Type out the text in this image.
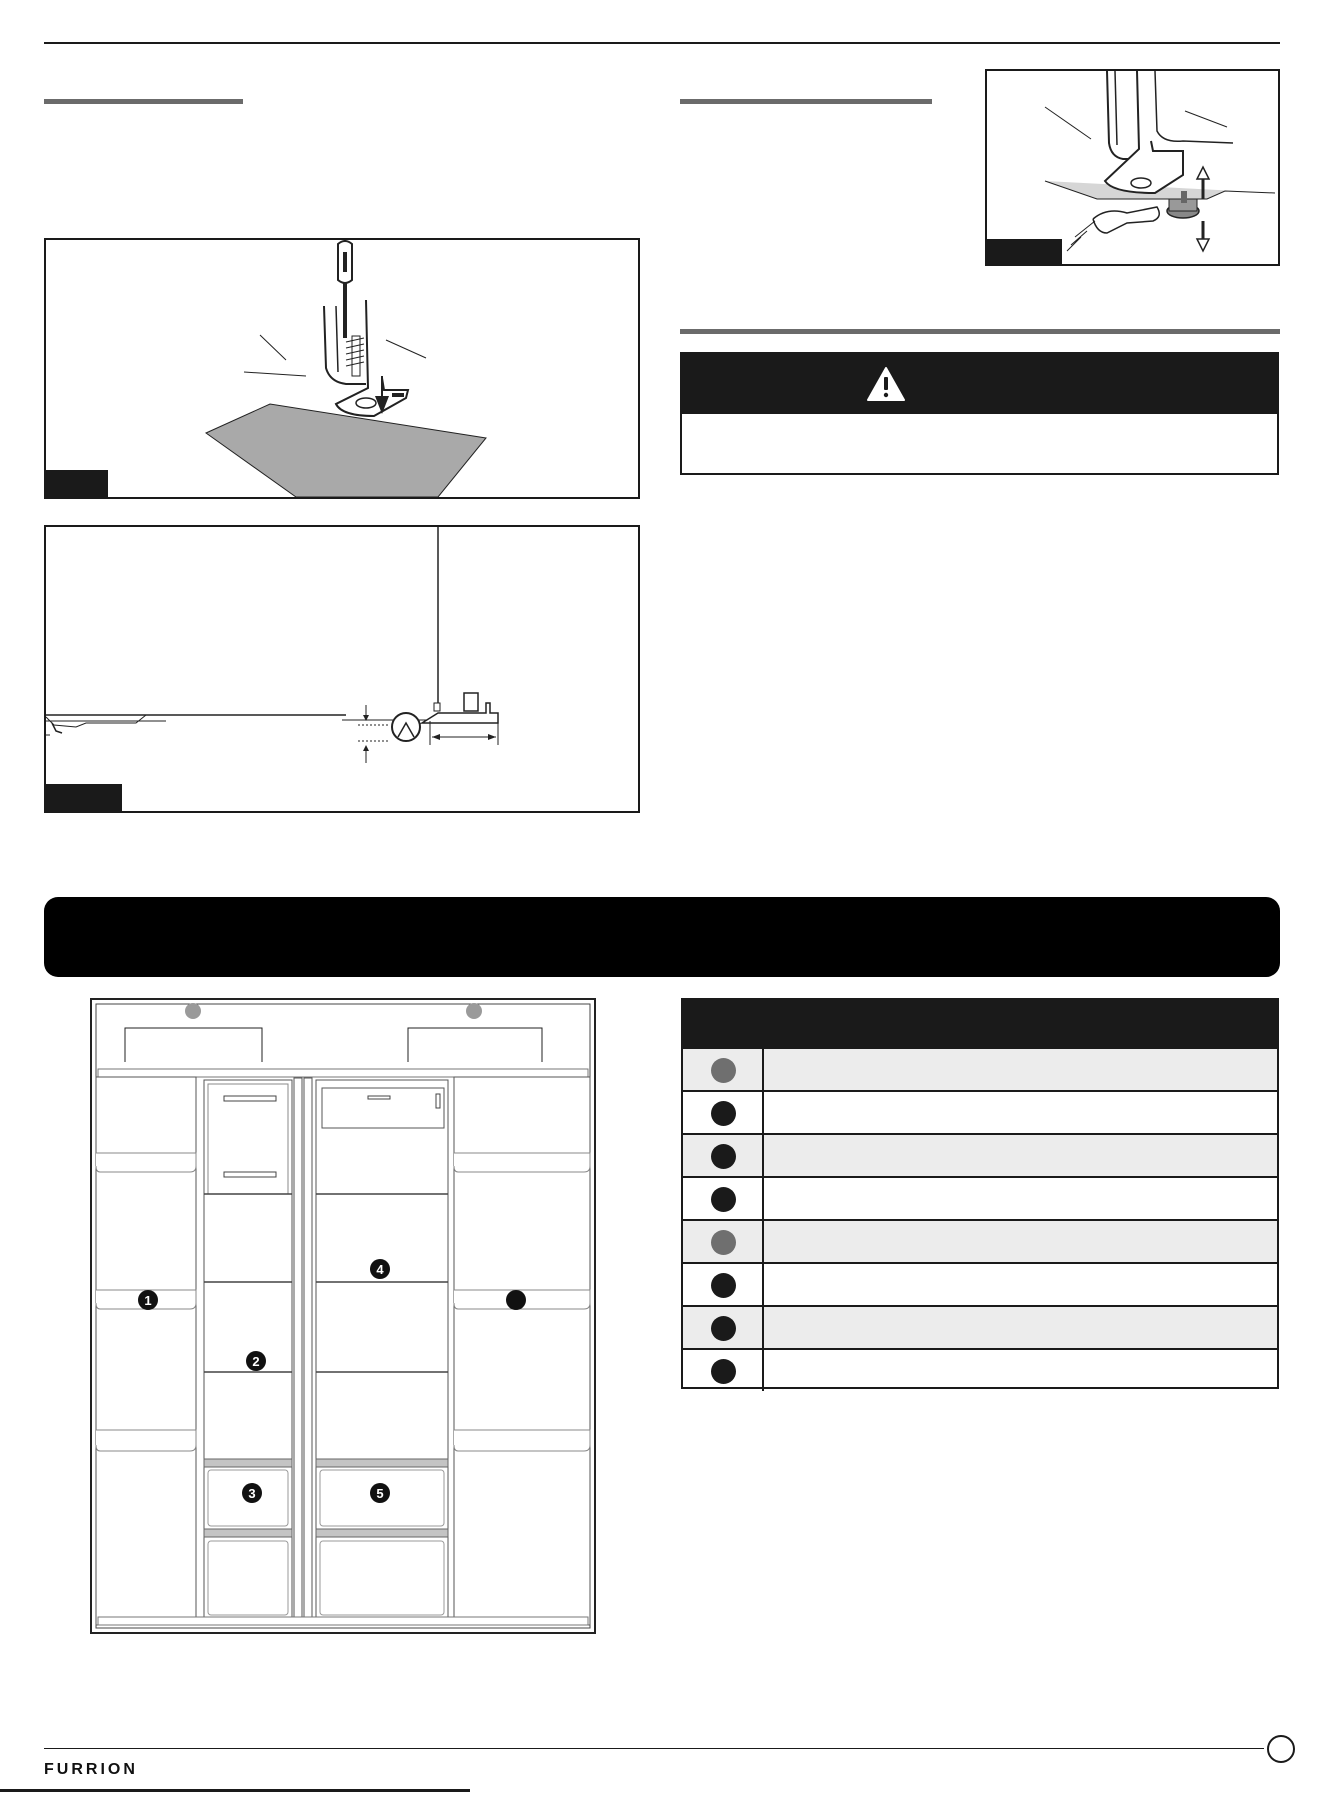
1
2
3
4
5
FURRION
